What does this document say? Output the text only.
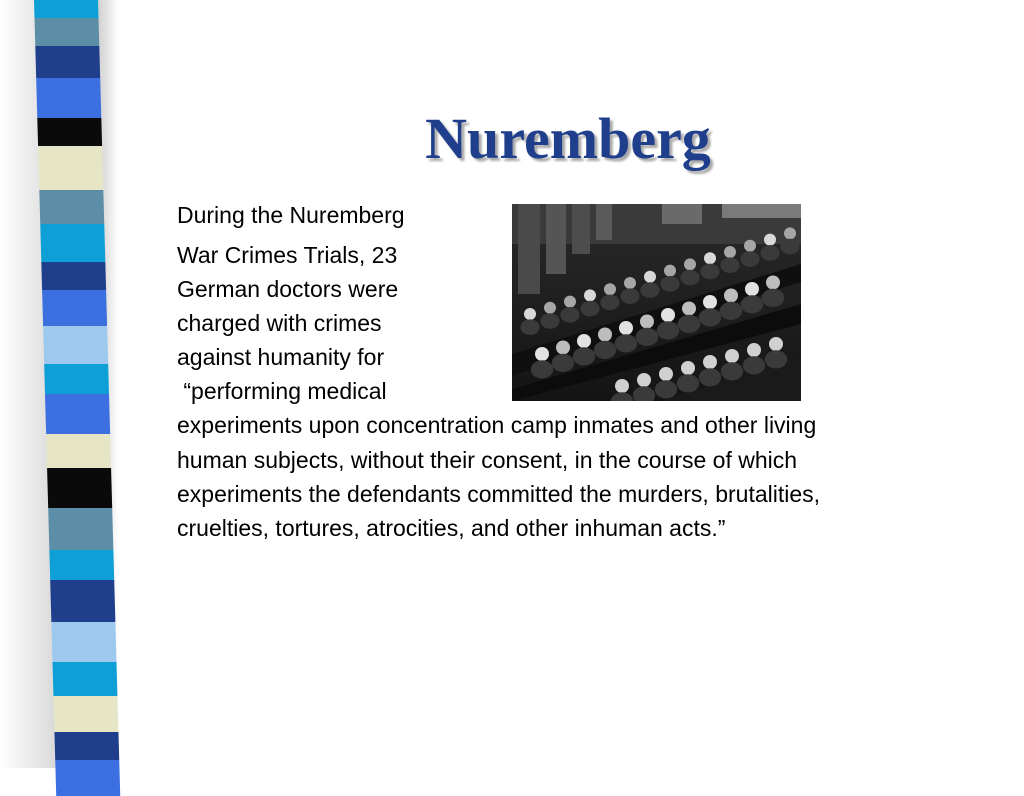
Nuremberg

During the Nuremberg

War Crimes Trials, 23

German doctors were

charged with crimes

against humanity for

“performing medical

experiments upon concentration camp inmates and other living

human subjects, without their consent, in the course of which

experiments the defendants committed the murders, brutalities,

cruelties, tortures, atrocities, and other inhuman acts.”
